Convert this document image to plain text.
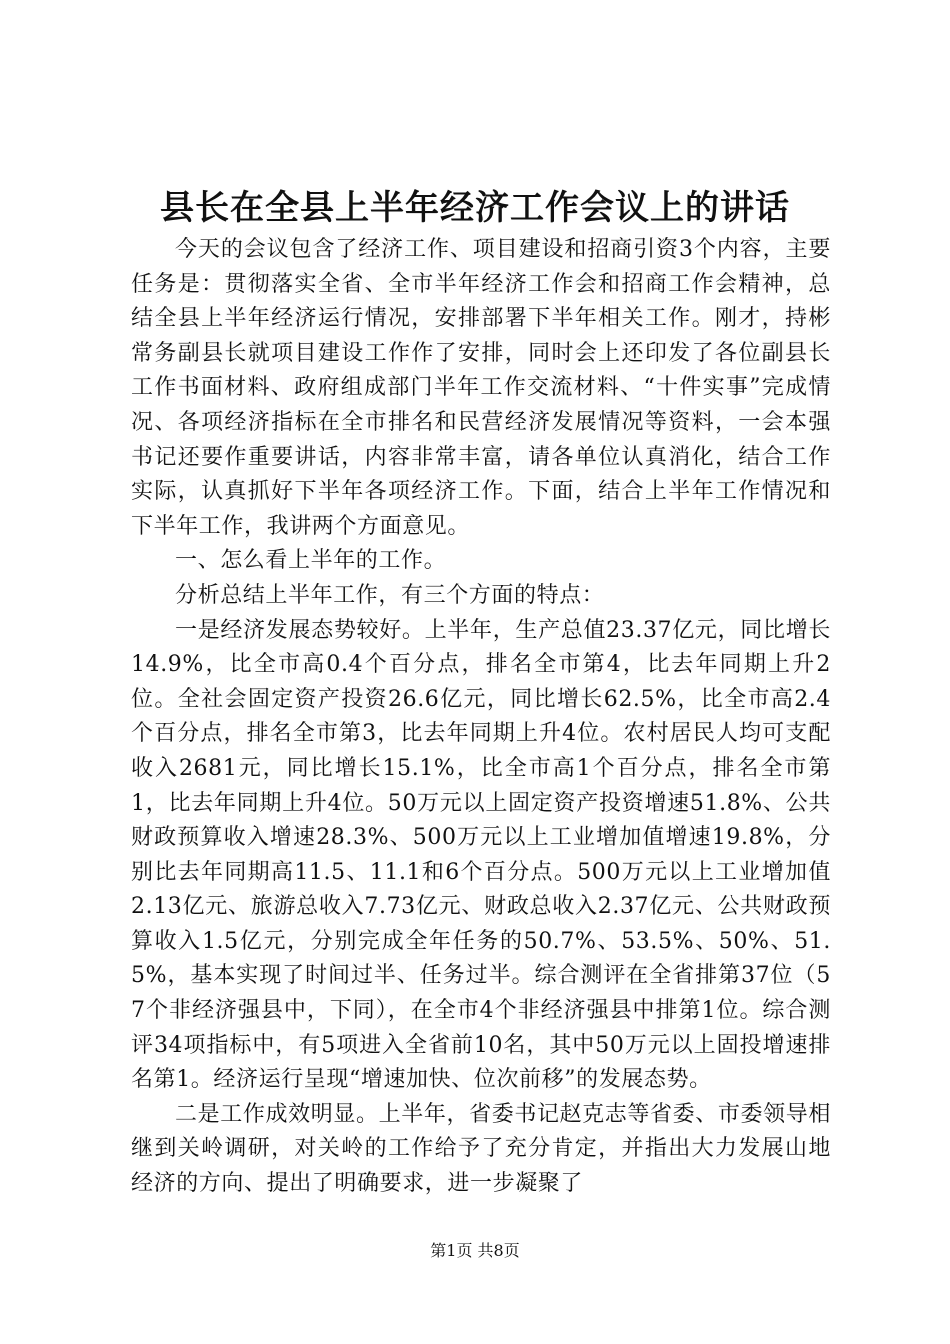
县长在全县上半年经济工作会议上的讲话

今天的会议包含了经济工作、项目建设和招商引资3个内容，主要任务是：贯彻落实全省、全市半年经济工作会和招商工作会精神，总结全县上半年经济运行情况，安排部署下半年相关工作。刚才，持彬常务副县长就项目建设工作作了安排，同时会上还印发了各位副县长工作书面材料、政府组成部门半年工作交流材料、“十件实事”完成情况、各项经济指标在全市排名和民营经济发展情况等资料，一会本强书记还要作重要讲话，内容非常丰富，请各单位认真消化，结合工作实际，认真抓好下半年各项经济工作。下面，结合上半年工作情况和下半年工作，我讲两个方面意见。

一、怎么看上半年的工作。

分析总结上半年工作，有三个方面的特点：

一是经济发展态势较好。上半年，生产总值23.37亿元，同比增长14.9%，比全市高0.4个百分点，排名全市第4，比去年同期上升2位。全社会固定资产投资26.6亿元，同比增长62.5%，比全市高2.4个百分点，排名全市第3，比去年同期上升4位。农村居民人均可支配收入2681元，同比增长15.1%，比全市高1个百分点，排名全市第1，比去年同期上升4位。50万元以上固定资产投资增速51.8%、公共财政预算收入增速28.3%、500万元以上工业增加值增速19.8%，分别比去年同期高11.5、11.1和6个百分点。500万元以上工业增加值2.13亿元、旅游总收入7.73亿元、财政总收入2.37亿元、公共财政预算收入1.5亿元，分别完成全年任务的50.7%、53.5%、50%、51.5%，基本实现了时间过半、任务过半。综合测评在全省排第37位（57个非经济强县中，下同），在全市4个非经济强县中排第1位。综合测评34项指标中，有5项进入全省前10名，其中50万元以上固投增速排名第1。经济运行呈现“增速加快、位次前移”的发展态势。

二是工作成效明显。上半年，省委书记赵克志等省委、市委领导相继到关岭调研，对关岭的工作给予了充分肯定，并指出大力发展山地经济的方向、提出了明确要求，进一步凝聚了

第1页 共8页
